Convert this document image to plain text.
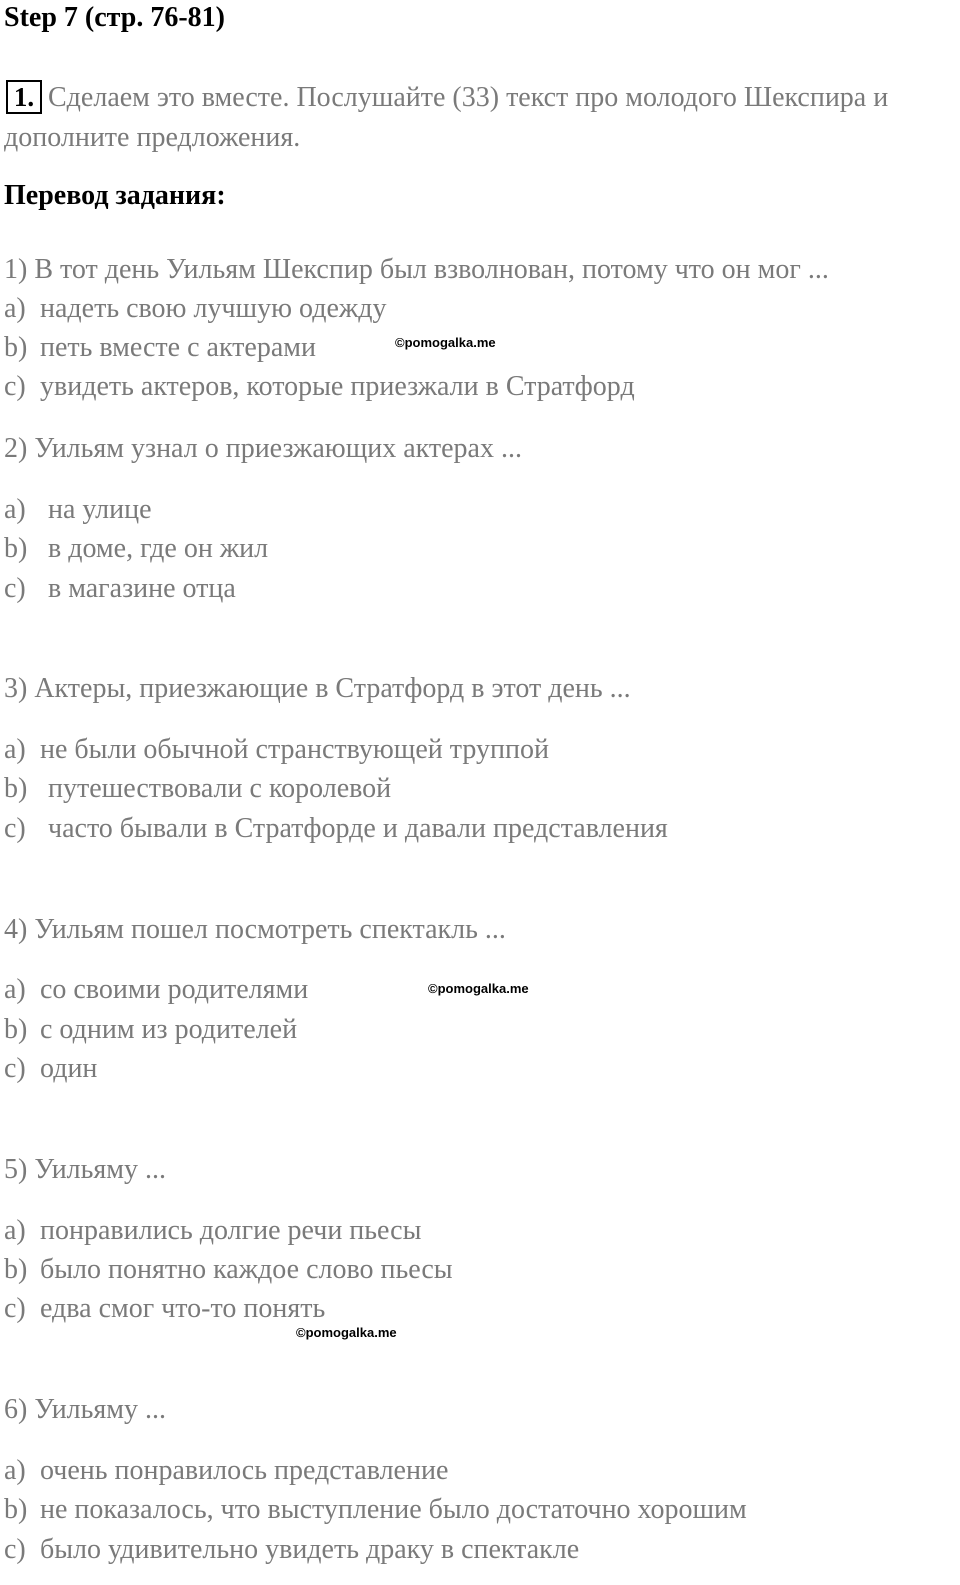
Step 7 (стр. 76-81)
1. Сделаем это вместе. Послушайте (33) текст про молодого Шекспира и
дополните предложения.
Перевод задания:
1) В тот день Уильям Шекспир был взволнован, потому что он мог ...
a) надеть свою лучшую одежду
b) петь вместе с актерами
c) увидеть актеров, которые приезжали в Стратфорд
2) Уильям узнал о приезжающих актерах ...
a) на улице
b) в доме, где он жил
c) в магазине отца
3) Актеры, приезжающие в Стратфорд в этот день ...
a) не были обычной странствующей труппой
b) путешествовали с королевой
c) часто бывали в Стратфорде и давали представления
4) Уильям пошел посмотреть спектакль ...
a) со своими родителями
b) с одним из родителей
c) один
5) Уильяму ...
a) понравились долгие речи пьесы
b) было понятно каждое слово пьесы
c) едва смог что-то понять
6) Уильяму ...
a) очень понравилось представление
b) не показалось, что выступление было достаточно хорошим
c) было удивительно увидеть драку в спектакле
©pomogalka.me
©pomogalka.me
©pomogalka.me
